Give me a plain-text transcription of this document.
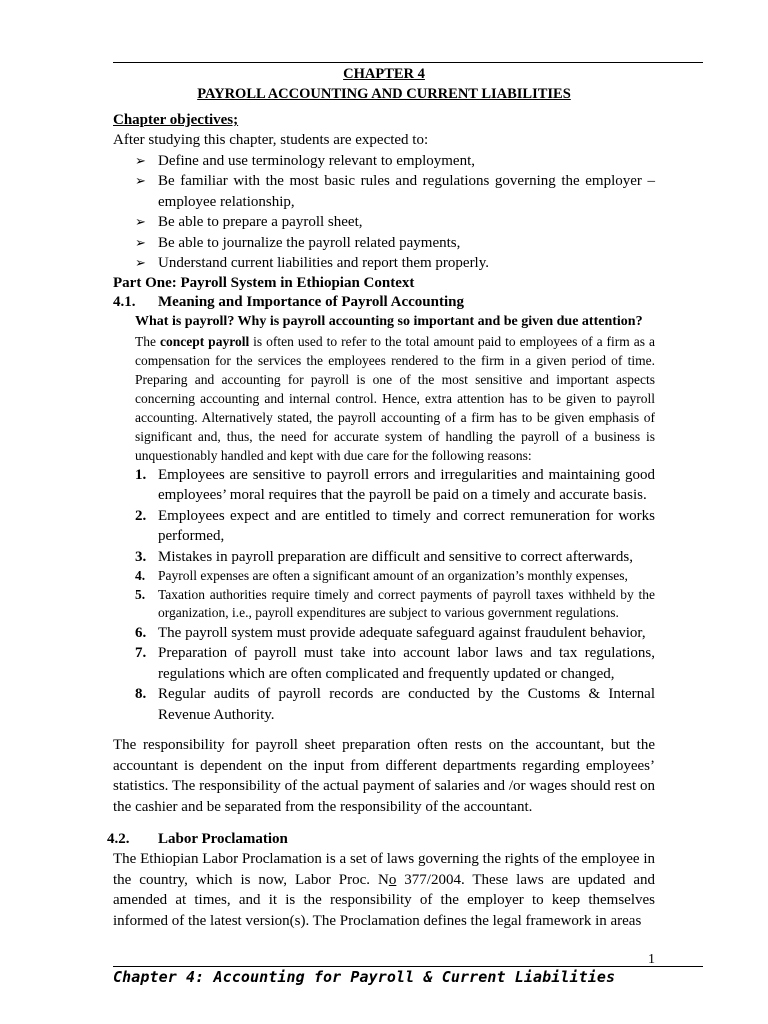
CHAPTER 4
PAYROLL ACCOUNTING AND CURRENT LIABILITIES
Chapter objectives;
After studying this chapter, students are expected to:
➢ Define and use terminology relevant to employment,
➢ Be familiar with the most basic rules and regulations governing the employer – employee relationship,
➢ Be able to prepare a payroll sheet,
➢ Be able to journalize the payroll related payments,
➢ Understand current liabilities and report them properly.
Part One: Payroll System in Ethiopian Context
4.1. Meaning and Importance of Payroll Accounting
What is payroll? Why is payroll accounting so important and be given due attention?
The concept payroll is often used to refer to the total amount paid to employees of a firm as a compensation for the services the employees rendered to the firm in a given period of time. Preparing and accounting for payroll is one of the most sensitive and important aspects concerning accounting and internal control. Hence, extra attention has to be given to payroll accounting. Alternatively stated, the payroll accounting of a firm has to be given emphasis of significant and, thus, the need for accurate system of handling the payroll of a business is unquestionably handled and kept with due care for the following reasons:
1. Employees are sensitive to payroll errors and irregularities and maintaining good employees’ moral requires that the payroll be paid on a timely and accurate basis.
2. Employees expect and are entitled to timely and correct remuneration for works performed,
3. Mistakes in payroll preparation are difficult and sensitive to correct afterwards,
4. Payroll expenses are often a significant amount of an organization’s monthly expenses,
5. Taxation authorities require timely and correct payments of payroll taxes withheld by the organization, i.e., payroll expenditures are subject to various government regulations.
6. The payroll system must provide adequate safeguard against fraudulent behavior,
7. Preparation of payroll must take into account labor laws and tax regulations, regulations which are often complicated and frequently updated or changed,
8. Regular audits of payroll records are conducted by the Customs & Internal Revenue Authority.
The responsibility for payroll sheet preparation often rests on the accountant, but the accountant is dependent on the input from different departments regarding employees’ statistics. The responsibility of the actual payment of salaries and /or wages should rest on the cashier and be separated from the responsibility of the accountant.
4.2. Labor Proclamation
The Ethiopian Labor Proclamation is a set of laws governing the rights of the employee in the country, which is now, Labor Proc. No 377/2004. These laws are updated and amended at times, and it is the responsibility of the employer to keep themselves informed of the latest version(s). The Proclamation defines the legal framework in areas
1
Chapter 4: Accounting for Payroll & Current Liabilities
